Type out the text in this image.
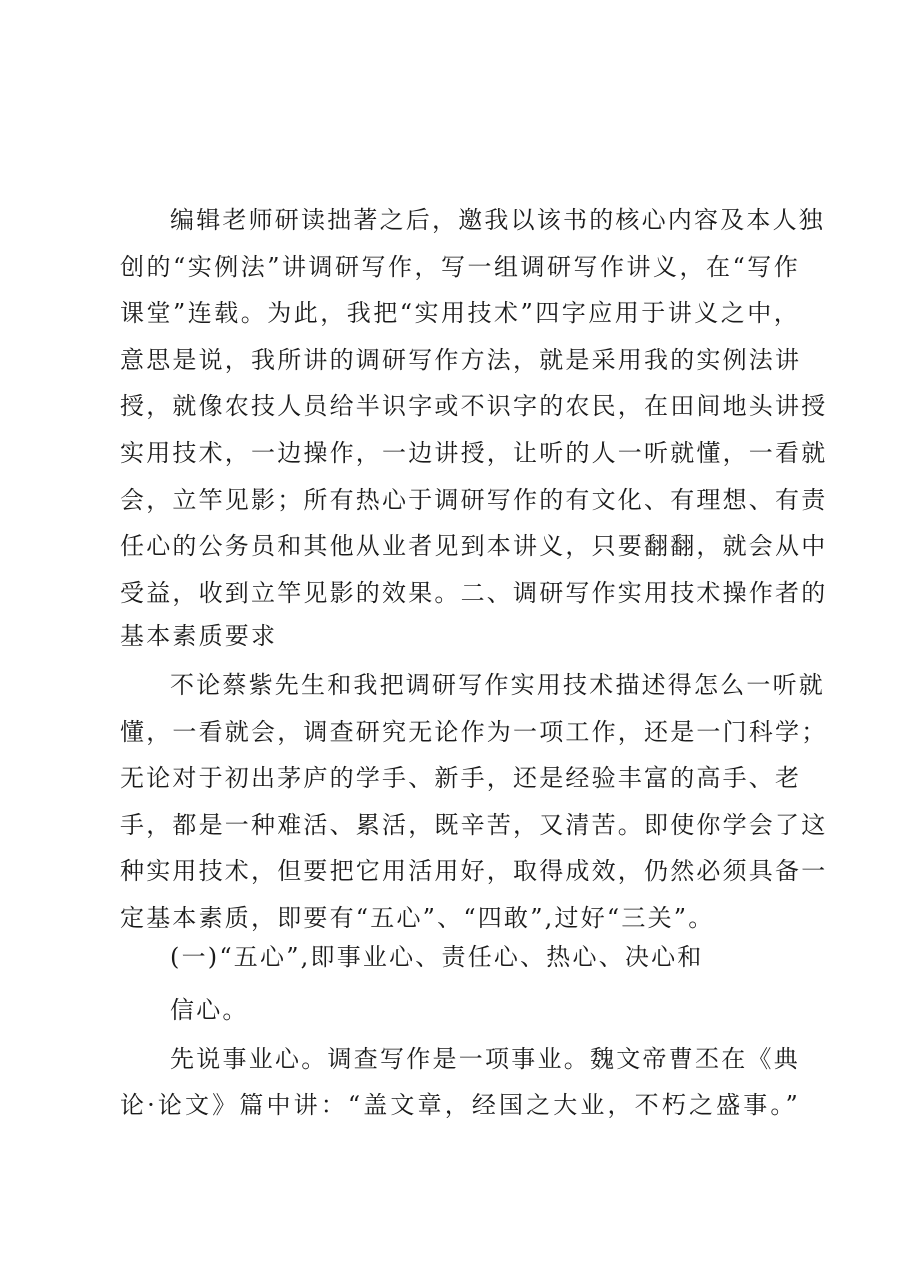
编辑老师研读拙著之后，邀我以该书的核心内容及本人独
创的“实例法”讲调研写作，写一组调研写作讲义，在“写作
课堂”连载。为此，我把“实用技术”四字应用于讲义之中，
意思是说，我所讲的调研写作方法，就是采用我的实例法讲
授，就像农技人员给半识字或不识字的农民，在田间地头讲授
实用技术，一边操作，一边讲授，让听的人一听就懂，一看就
会，立竿见影；所有热心于调研写作的有文化、有理想、有责
任心的公务员和其他从业者见到本讲义，只要翻翻，就会从中
受益，收到立竿见影的效果。二、调研写作实用技术操作者的
基本素质要求
不论蔡紫先生和我把调研写作实用技术描述得怎么一听就
懂，一看就会，调查研究无论作为一项工作，还是一门科学；
无论对于初出茅庐的学手、新手，还是经验丰富的高手、老
手，都是一种难活、累活，既辛苦，又清苦。即使你学会了这
种实用技术，但要把它用活用好，取得成效，仍然必须具备一
定基本素质，即要有“五心”、“四敢”,过好“三关”。
(一)“五心”,即事业心、责任心、热心、决心和
信心。
先说事业心。调查写作是一项事业。魏文帝曹丕在《典
论·论文》篇中讲：“盖文章，经国之大业，不朽之盛事。”
